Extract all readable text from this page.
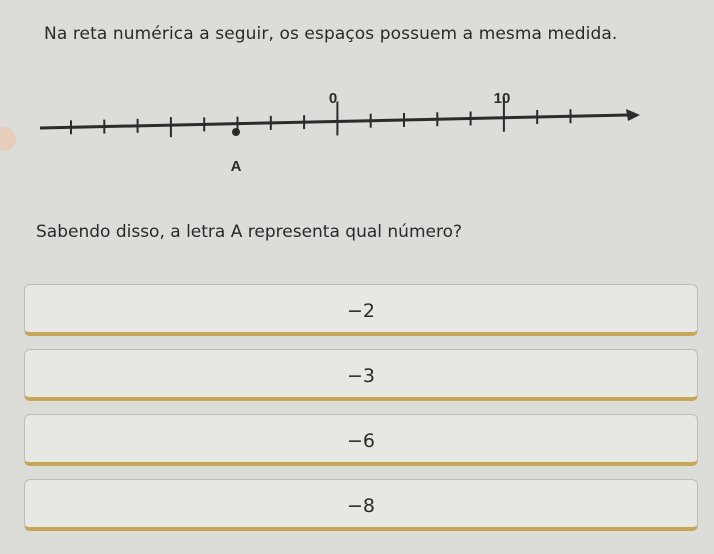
Na reta numérica a seguir, os espaços possuem a mesma medida.
0	10
A
Sabendo disso, a letra A representa qual número?
−2
−3
−6
−8
